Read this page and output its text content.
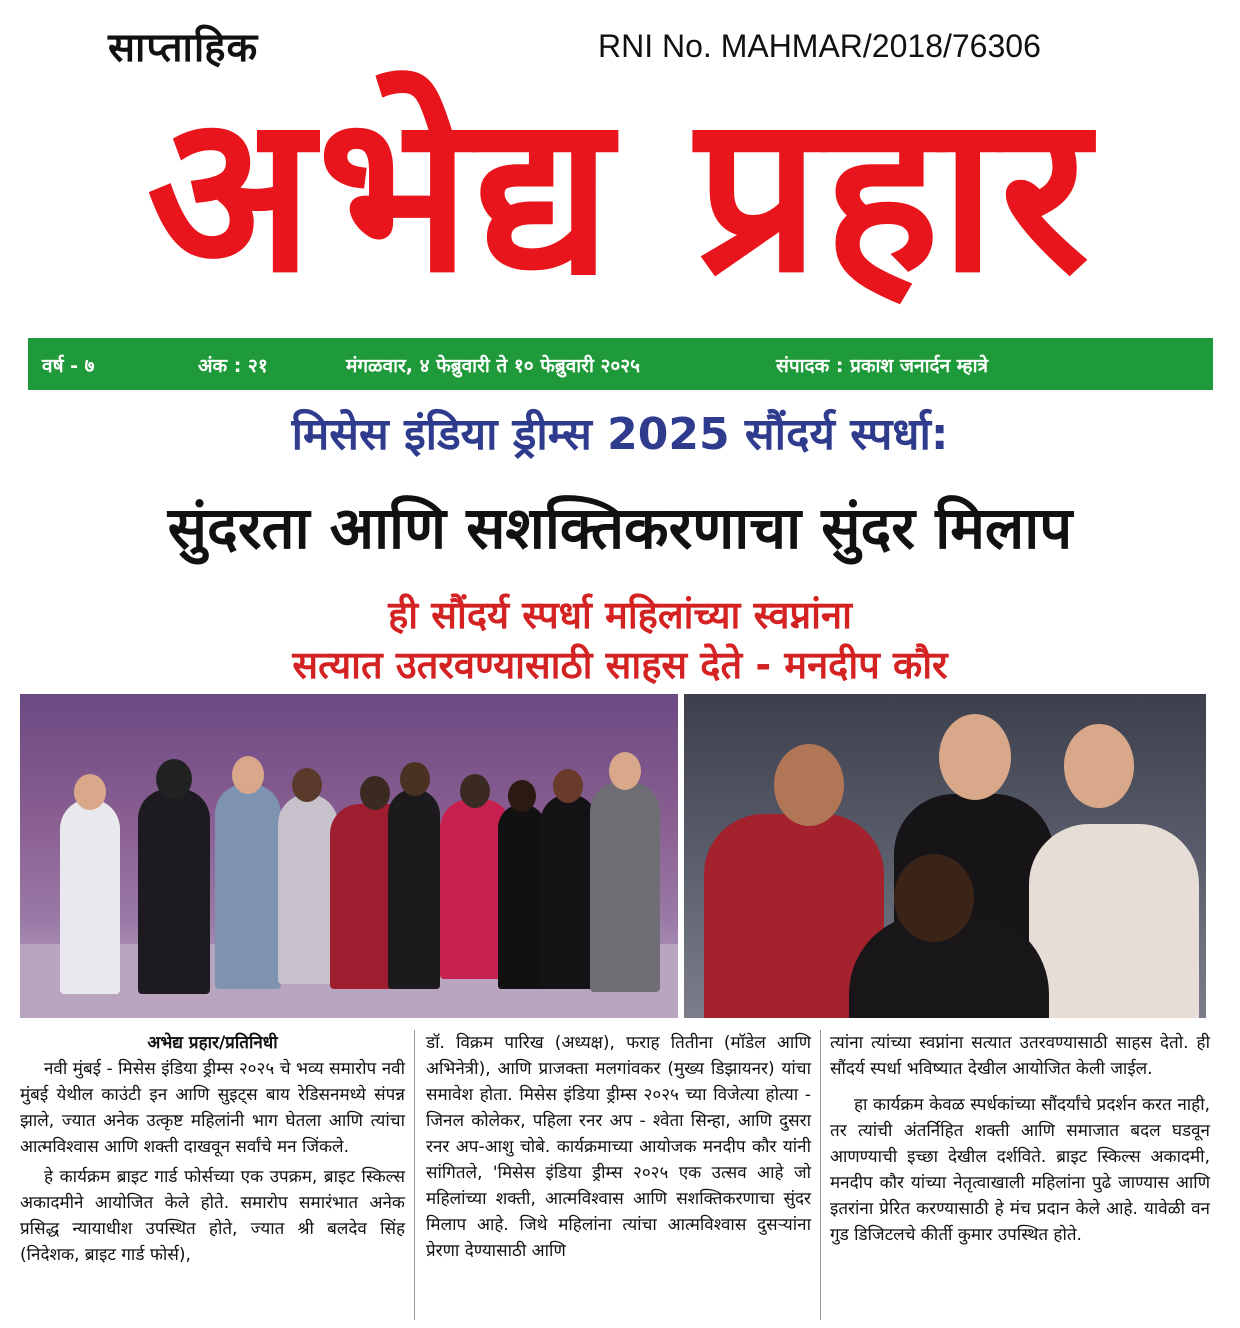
साप्ताहिक	RNI No. MAHMAR/2018/76306
अभेद्य प्रहार
वर्ष - ७	अंक : २१	मंगळवार, ४ फेब्रुवारी ते १० फेब्रुवारी २०२५	संपादक : प्रकाश जनार्दन म्हात्रे
मिसेस इंडिया ड्रीम्स 2025 सौंदर्य स्पर्धा:
सुंदरता आणि सशक्तिकरणाचा सुंदर मिलाप
ही सौंदर्य स्पर्धा महिलांच्या स्वप्नांना
सत्यात उतरवण्यासाठी साहस देते - मनदीप कौर

अभेद्य प्रहार/प्रतिनिधी

नवी मुंबई - मिसेस इंडिया ड्रीम्स २०२५ चे भव्य समारोप नवी मुंबई येथील काउंटी इन आणि सुइट्स बाय रेडिसनमध्ये संपन्न झाले, ज्यात अनेक उत्कृष्ट महिलांनी भाग घेतला आणि त्यांचा आत्मविश्वास आणि शक्ती दाखवून सर्वांचे मन जिंकले.

हे कार्यक्रम ब्राइट गार्ड फोर्सच्या एक उपक्रम, ब्राइट स्किल्स अकादमीने आयोजित केले होते. समारोप समारंभात अनेक प्रसिद्ध न्यायाधीश उपस्थित होते, ज्यात श्री बलदेव सिंह (निदेशक, ब्राइट गार्ड फोर्स),

डॉ. विक्रम पारिख (अध्यक्ष), फराह तितीना (मॉडेल आणि अभिनेत्री), आणि प्राजक्ता मलगांवकर (मुख्य डिझायनर) यांचा समावेश होता. मिसेस इंडिया ड्रीम्स २०२५ च्या विजेत्या होत्या - जिनल कोलेकर, पहिला रनर अप - श्वेता सिन्हा, आणि दुसरा रनर अप-आशु चोबे. कार्यक्रमाच्या आयोजक मनदीप कौर यांनी सांगितले, 'मिसेस इंडिया ड्रीम्स २०२५ एक उत्सव आहे जो महिलांच्या शक्ती, आत्मविश्वास आणि सशक्तिकरणाचा सुंदर मिलाप आहे. जिथे महिलांना त्यांचा आत्मविश्वास दुसऱ्यांना प्रेरणा देण्यासाठी आणि

त्यांना त्यांच्या स्वप्नांना सत्यात उतरवण्यासाठी साहस देतो. ही सौंदर्य स्पर्धा भविष्यात देखील आयोजित केली जाईल.

हा कार्यक्रम केवळ स्पर्धकांच्या सौंदर्यांचे प्रदर्शन करत नाही, तर त्यांची अंतर्निहित शक्ती आणि समाजात बदल घडवून आणण्याची इच्छा देखील दर्शविते. ब्राइट स्किल्स अकादमी, मनदीप कौर यांच्या नेतृत्वाखाली महिलांना पुढे जाण्यास आणि इतरांना प्रेरित करण्यासाठी हे मंच प्रदान केले आहे. यावेळी वन गुड डिजिटलचे कीर्ती कुमार उपस्थित होते.
